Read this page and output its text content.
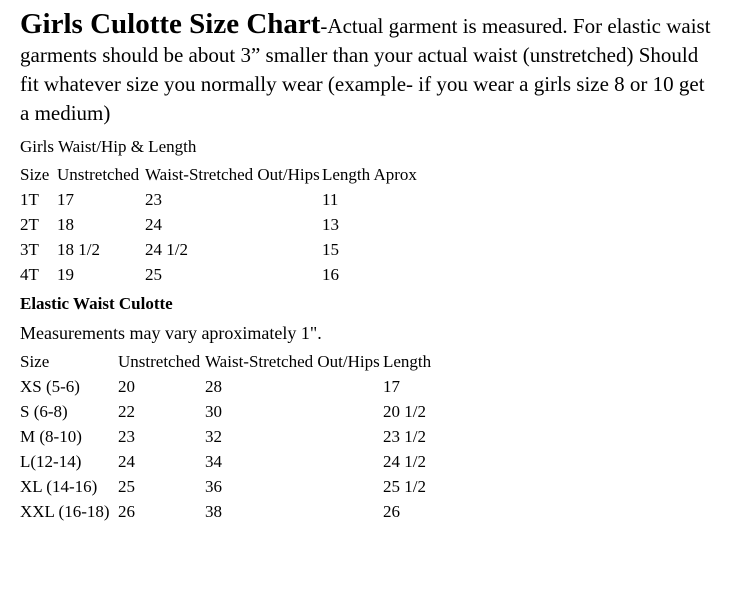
Girls Culotte Size Chart-Actual garment is measured. For elastic waist garments should be about 3” smaller than your actual waist (unstretched) Should fit whatever size you normally wear (example- if you wear a girls size 8 or 10 get a medium)

Girls Waist/Hip & Length
Size	Unstretched	Waist-Stretched Out/Hips	Length Aprox
1T	17	23	11
2T	18	24	13
3T	18 1/2	24 1/2	15
4T	19	25	16
Elastic Waist Culotte
Measurements may vary aproximately 1".
Size	Unstretched	Waist-Stretched Out/Hips	Length
XS (5-6)	20	28	17
S (6-8)	22	30	20 1/2
M (8-10)	23	32	23 1/2
L(12-14)	24	34	24 1/2
XL (14-16)	25	36	25 1/2
XXL (16-18)	26	38	26
